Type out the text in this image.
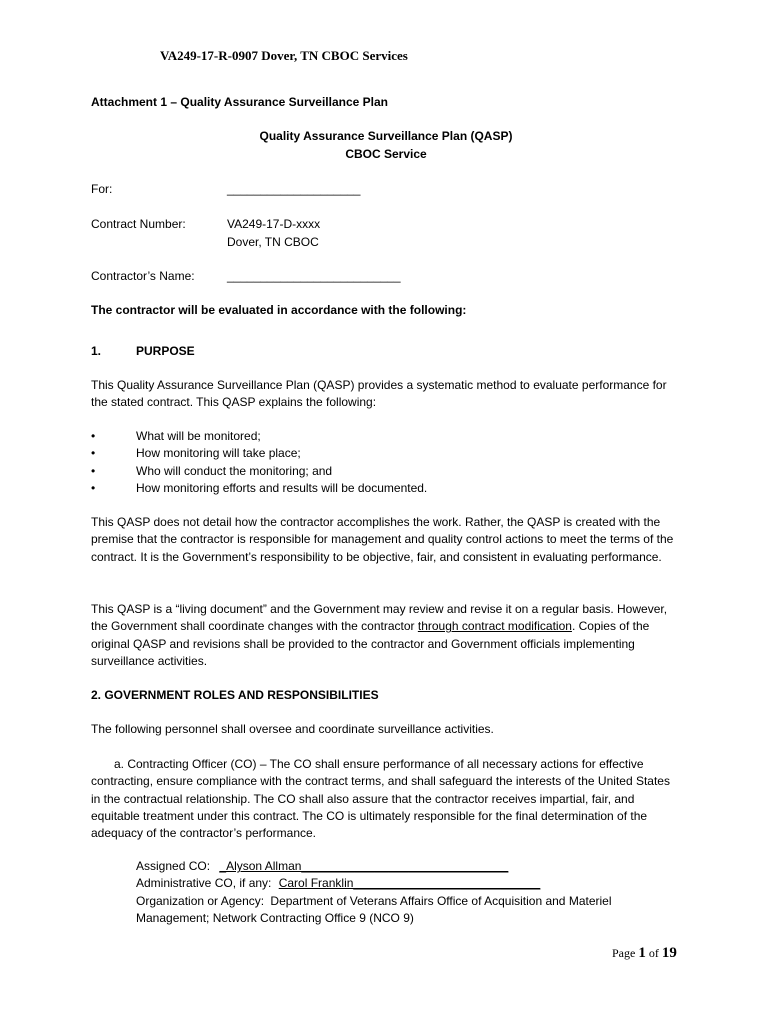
VA249-17-R-0907 Dover, TN CBOC Services
Attachment 1 – Quality Assurance Surveillance Plan
Quality Assurance Surveillance Plan (QASP)
CBOC Service
For:	____________________
Contract Number:	VA249-17-D-xxxx
Dover, TN CBOC
Contractor’s Name:	__________________________
The contractor will be evaluated in accordance with the following:
1.	PURPOSE
This Quality Assurance Surveillance Plan (QASP) provides a systematic method to evaluate performance for the stated contract. This QASP explains the following:
•	What will be monitored;
•	How monitoring will take place;
•	Who will conduct the monitoring; and
•	How monitoring efforts and results will be documented.
This QASP does not detail how the contractor accomplishes the work. Rather, the QASP is created with the premise that the contractor is responsible for management and quality control actions to meet the terms of the contract. It is the Government’s responsibility to be objective, fair, and consistent in evaluating performance.
This QASP is a “living document” and the Government may review and revise it on a regular basis. However, the Government shall coordinate changes with the contractor through contract modification. Copies of the original QASP and revisions shall be provided to the contractor and Government officials implementing surveillance activities.
2. GOVERNMENT ROLES AND RESPONSIBILITIES
The following personnel shall oversee and coordinate surveillance activities.
a. Contracting Officer (CO) – The CO shall ensure performance of all necessary actions for effective contracting, ensure compliance with the contract terms, and shall safeguard the interests of the United States in the contractual relationship. The CO shall also assure that the contractor receives impartial, fair, and equitable treatment under this contract. The CO is ultimately responsible for the final determination of the adequacy of the contractor’s performance.
Assigned CO: _Alyson Allman_______________________________
Administrative CO, if any: Carol Franklin____________________________
Organization or Agency: Department of Veterans Affairs Office of Acquisition and Materiel Management; Network Contracting Office 9 (NCO 9)
Page 1 of 19
